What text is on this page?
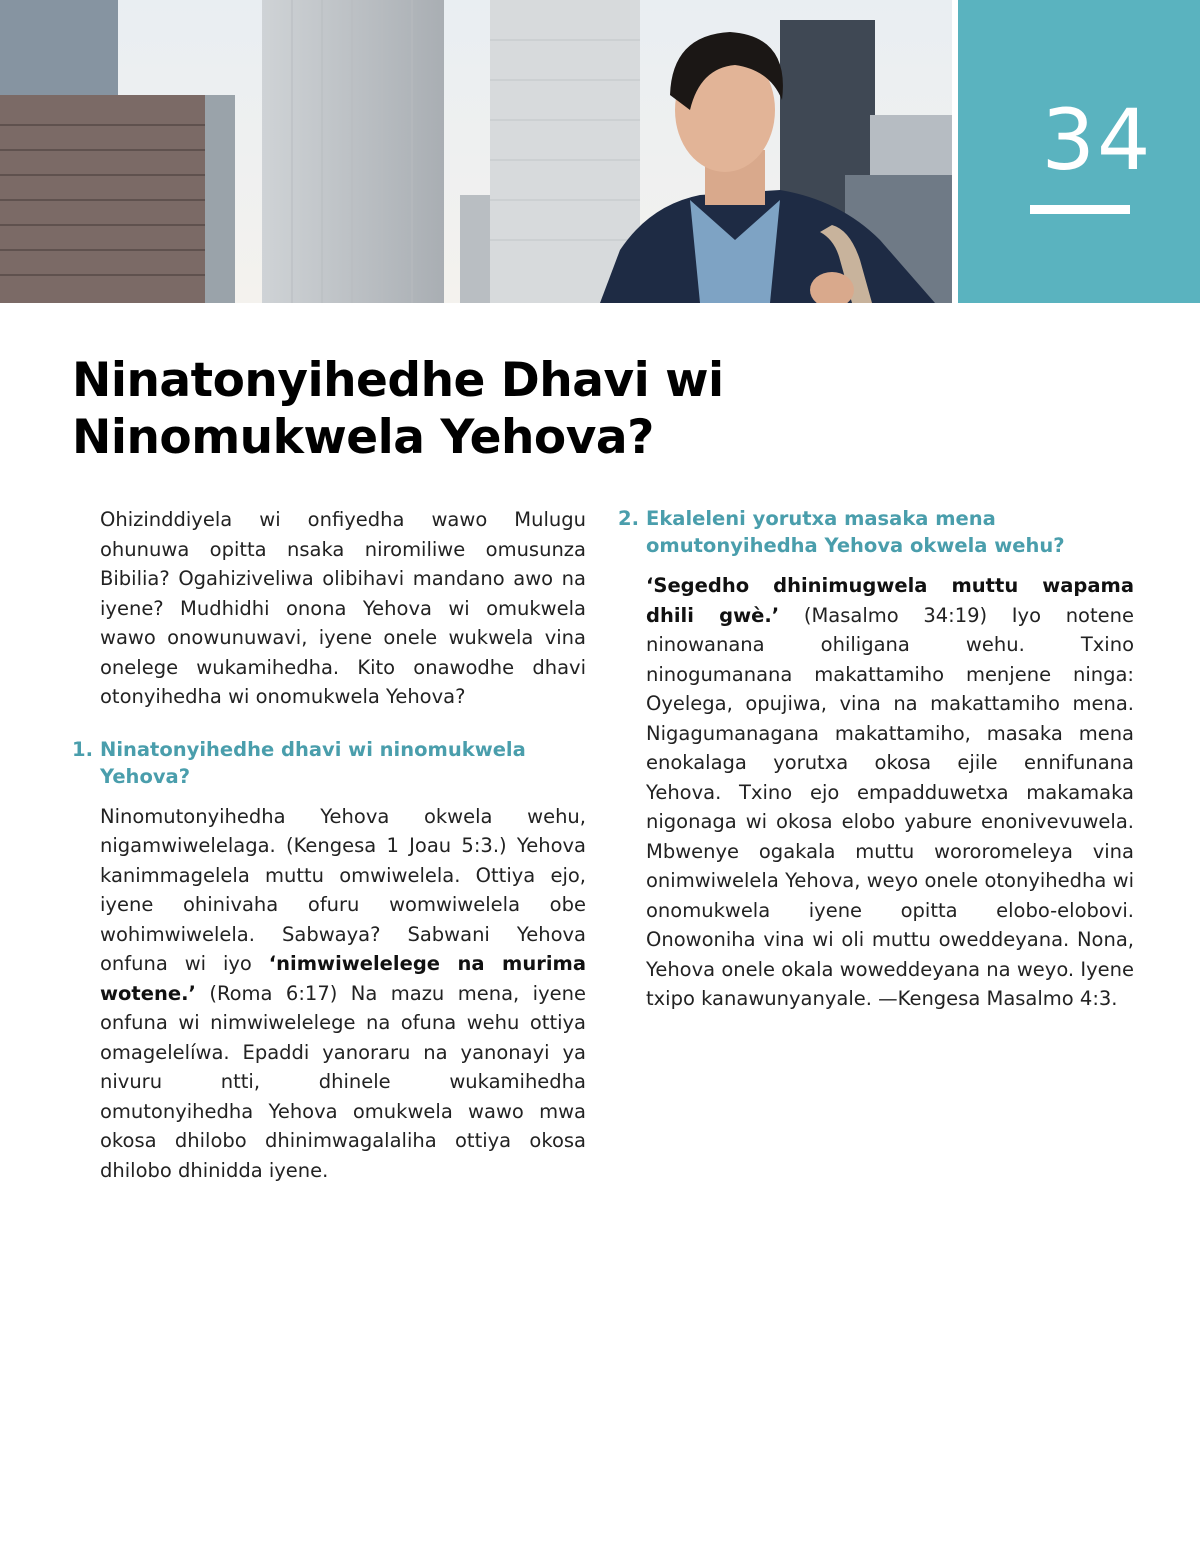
34
Ninatonyihedhe Dhavi wi
Ninomukwela Yehova?

Ohizinddiyela wi onfiyedha wawo Mulugu ohunuwa opitta nsaka niromiliwe omusunza Bibilia? Ogahiziveliwa olibihavi mandano awo na iyene? Mudhidhi onona Yehova wi omukwela wawo onowunuwavi, iyene onele wukwela vina onelege wukamihedha. Kito onawodhe dhavi otonyihedha wi onomukwela Yehova?

1. Ninatonyihedhe dhavi wi ninomukwela Yehova?

Ninomutonyihedha Yehova okwela wehu, nigamwiwelelaga. (Kengesa 1 Joau 5:3.) Yehova kanimmagelela muttu omwiwelela. Ottiya ejo, iyene ohinivaha ofuru womwiwelela obe wohimwiwelela. Sabwaya? Sabwani Yehova onfuna wi iyo ‘nimwiwelelege na murima wotene.’ (Roma 6:17) Na mazu mena, iyene onfuna wi nimwiwelelege na ofuna wehu ottiya omagelelíwa. Epaddi yanoraru na yanonayi ya nivuru ntti, dhinele wukamihedha omutonyihedha Yehova omukwela wawo mwa okosa dhilobo dhinimwagalaliha ottiya okosa dhilobo dhinidda iyene.

2. Ekaleleni yorutxa masaka mena omutonyihedha Yehova okwela wehu?

‘Segedho dhinimugwela muttu wapama dhili gwè.’ (Masalmo 34:19) Iyo notene ninowanana ohiligana wehu. Txino ninogumanana makattamiho menjene ninga: Oyelega, opujiwa, vina na makattamiho mena. Nigagumanagana makattamiho, masaka mena enokalaga yorutxa okosa ejile ennifunana Yehova. Txino ejo empadduwetxa makamaka nigonaga wi okosa elobo yabure enonivevuwela. Mbwenye ogakala muttu wororomeleya vina onimwiwelela Yehova, weyo onele otonyihedha wi onomukwela iyene opitta elobo-elobovi. Onowoniha vina wi oli muttu oweddeyana. Nona, Yehova onele okala woweddeyana na weyo. Iyene txipo kanawunyanyale. —Kengesa Masalmo 4:3.
